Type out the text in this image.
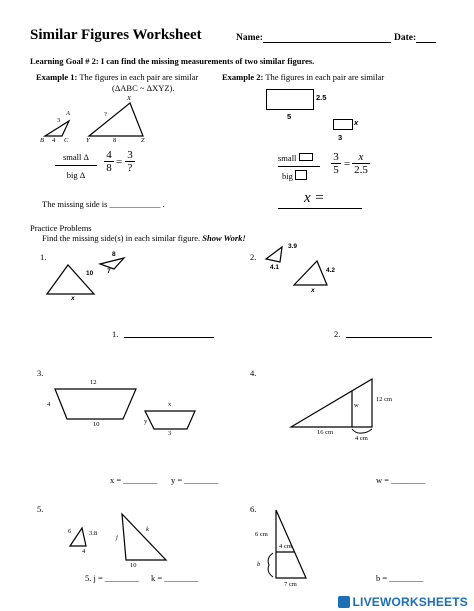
Similar Figures Worksheet	Name:	Date:
Learning Goal # 2: I can find the missing measurements of two similar figures.
Example 1: The figures in each pair are similar
(ΔABC ~ ΔXYZ).
A
3
B 4 C
X
?
Y	8	Z
small Δ
big Δ
$\frac{4}{8}$ =
3
?
The missing side is ____________ .
Example 2: The figures in each pair are similar
2.5
5
x
3
small
big	$\frac{3}{5} = \frac{x}{2.5}$
x =
Practice Problems
Find the missing side(s) in each similar figure. Show Work!
1.
10
8
7
x
1.
2.
3.9
4.1	4.2
x
2.
3.
12
4
10
x
y
3
x = ________ y = ________
4.
w
12 cm
16 cm
4 cm
w = ________
5.
6	3.8
4
j
k
10
5. j = ________ k = ________
6.
6 cm
4 cm
b
7 cm
b = ________
LIVEWORKSHEETS
